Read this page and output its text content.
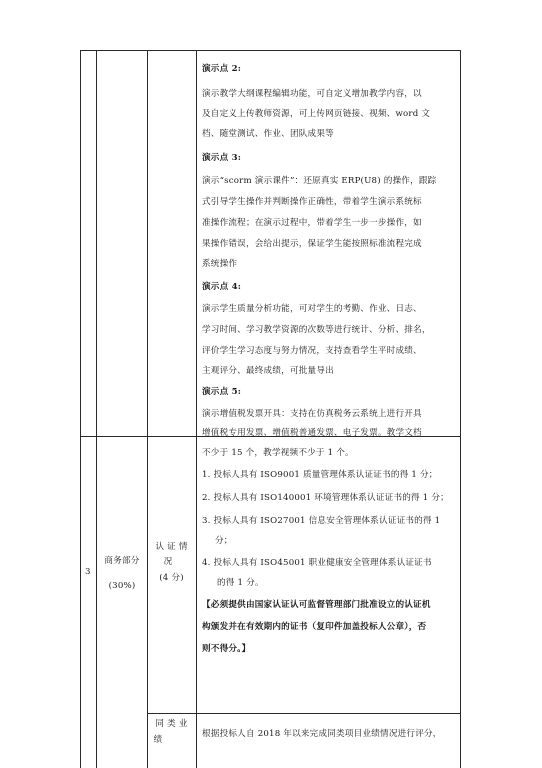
演示点 2:
演示教学大纲课程编辑功能，可自定义增加教学内容，以
及自定义上传教师资源，可上传网页链接、视频、word 文
档、随堂测试、作业、团队成果等
演示点 3:
演示“scorm 演示课件”：还原真实 ERP(U8) 的操作，跟踪
式引导学生操作并判断操作正确性，带着学生演示系统标
准操作流程；在演示过程中，带着学生一步一步操作，如
果操作错误，会给出提示，保证学生能按照标准流程完成
系统操作
演示点 4:
演示学生质量分析功能，可对学生的考勤、作业、日志、
学习时间、学习教学资源的次数等进行统计、分析、排名，
评价学生学习态度与努力情况，支持查看学生平时成绩、
主观评分、最终成绩，可批量导出
演示点 5:
演示增值税发票开具：支持在仿真税务云系统上进行开具
增值税专用发票、增值税普通发票、电子发票。教学文档
不少于 15 个，教学视频不少于 1 个。
3
商务部分
(30%)
认 证 情
况
(4 分)
1. 投标人具有 ISO9001 质量管理体系认证证书的得 1 分；
2. 投标人具有 ISO140001 环境管理体系认证证书的得 1 分；
3. 投标人具有 ISO27001 信息安全管理体系认证证书的得 1
分；
4. 投标人具有 ISO45001 职业健康安全管理体系认证证书
的得 1 分。
【必须提供由国家认证认可监督管理部门批准设立的认证机
构颁发并在有效期内的证书（复印件加盖投标人公章），否
则不得分。】
同 类 业
绩
根据投标人自 2018 年以来完成同类项目业绩情况进行评分，
